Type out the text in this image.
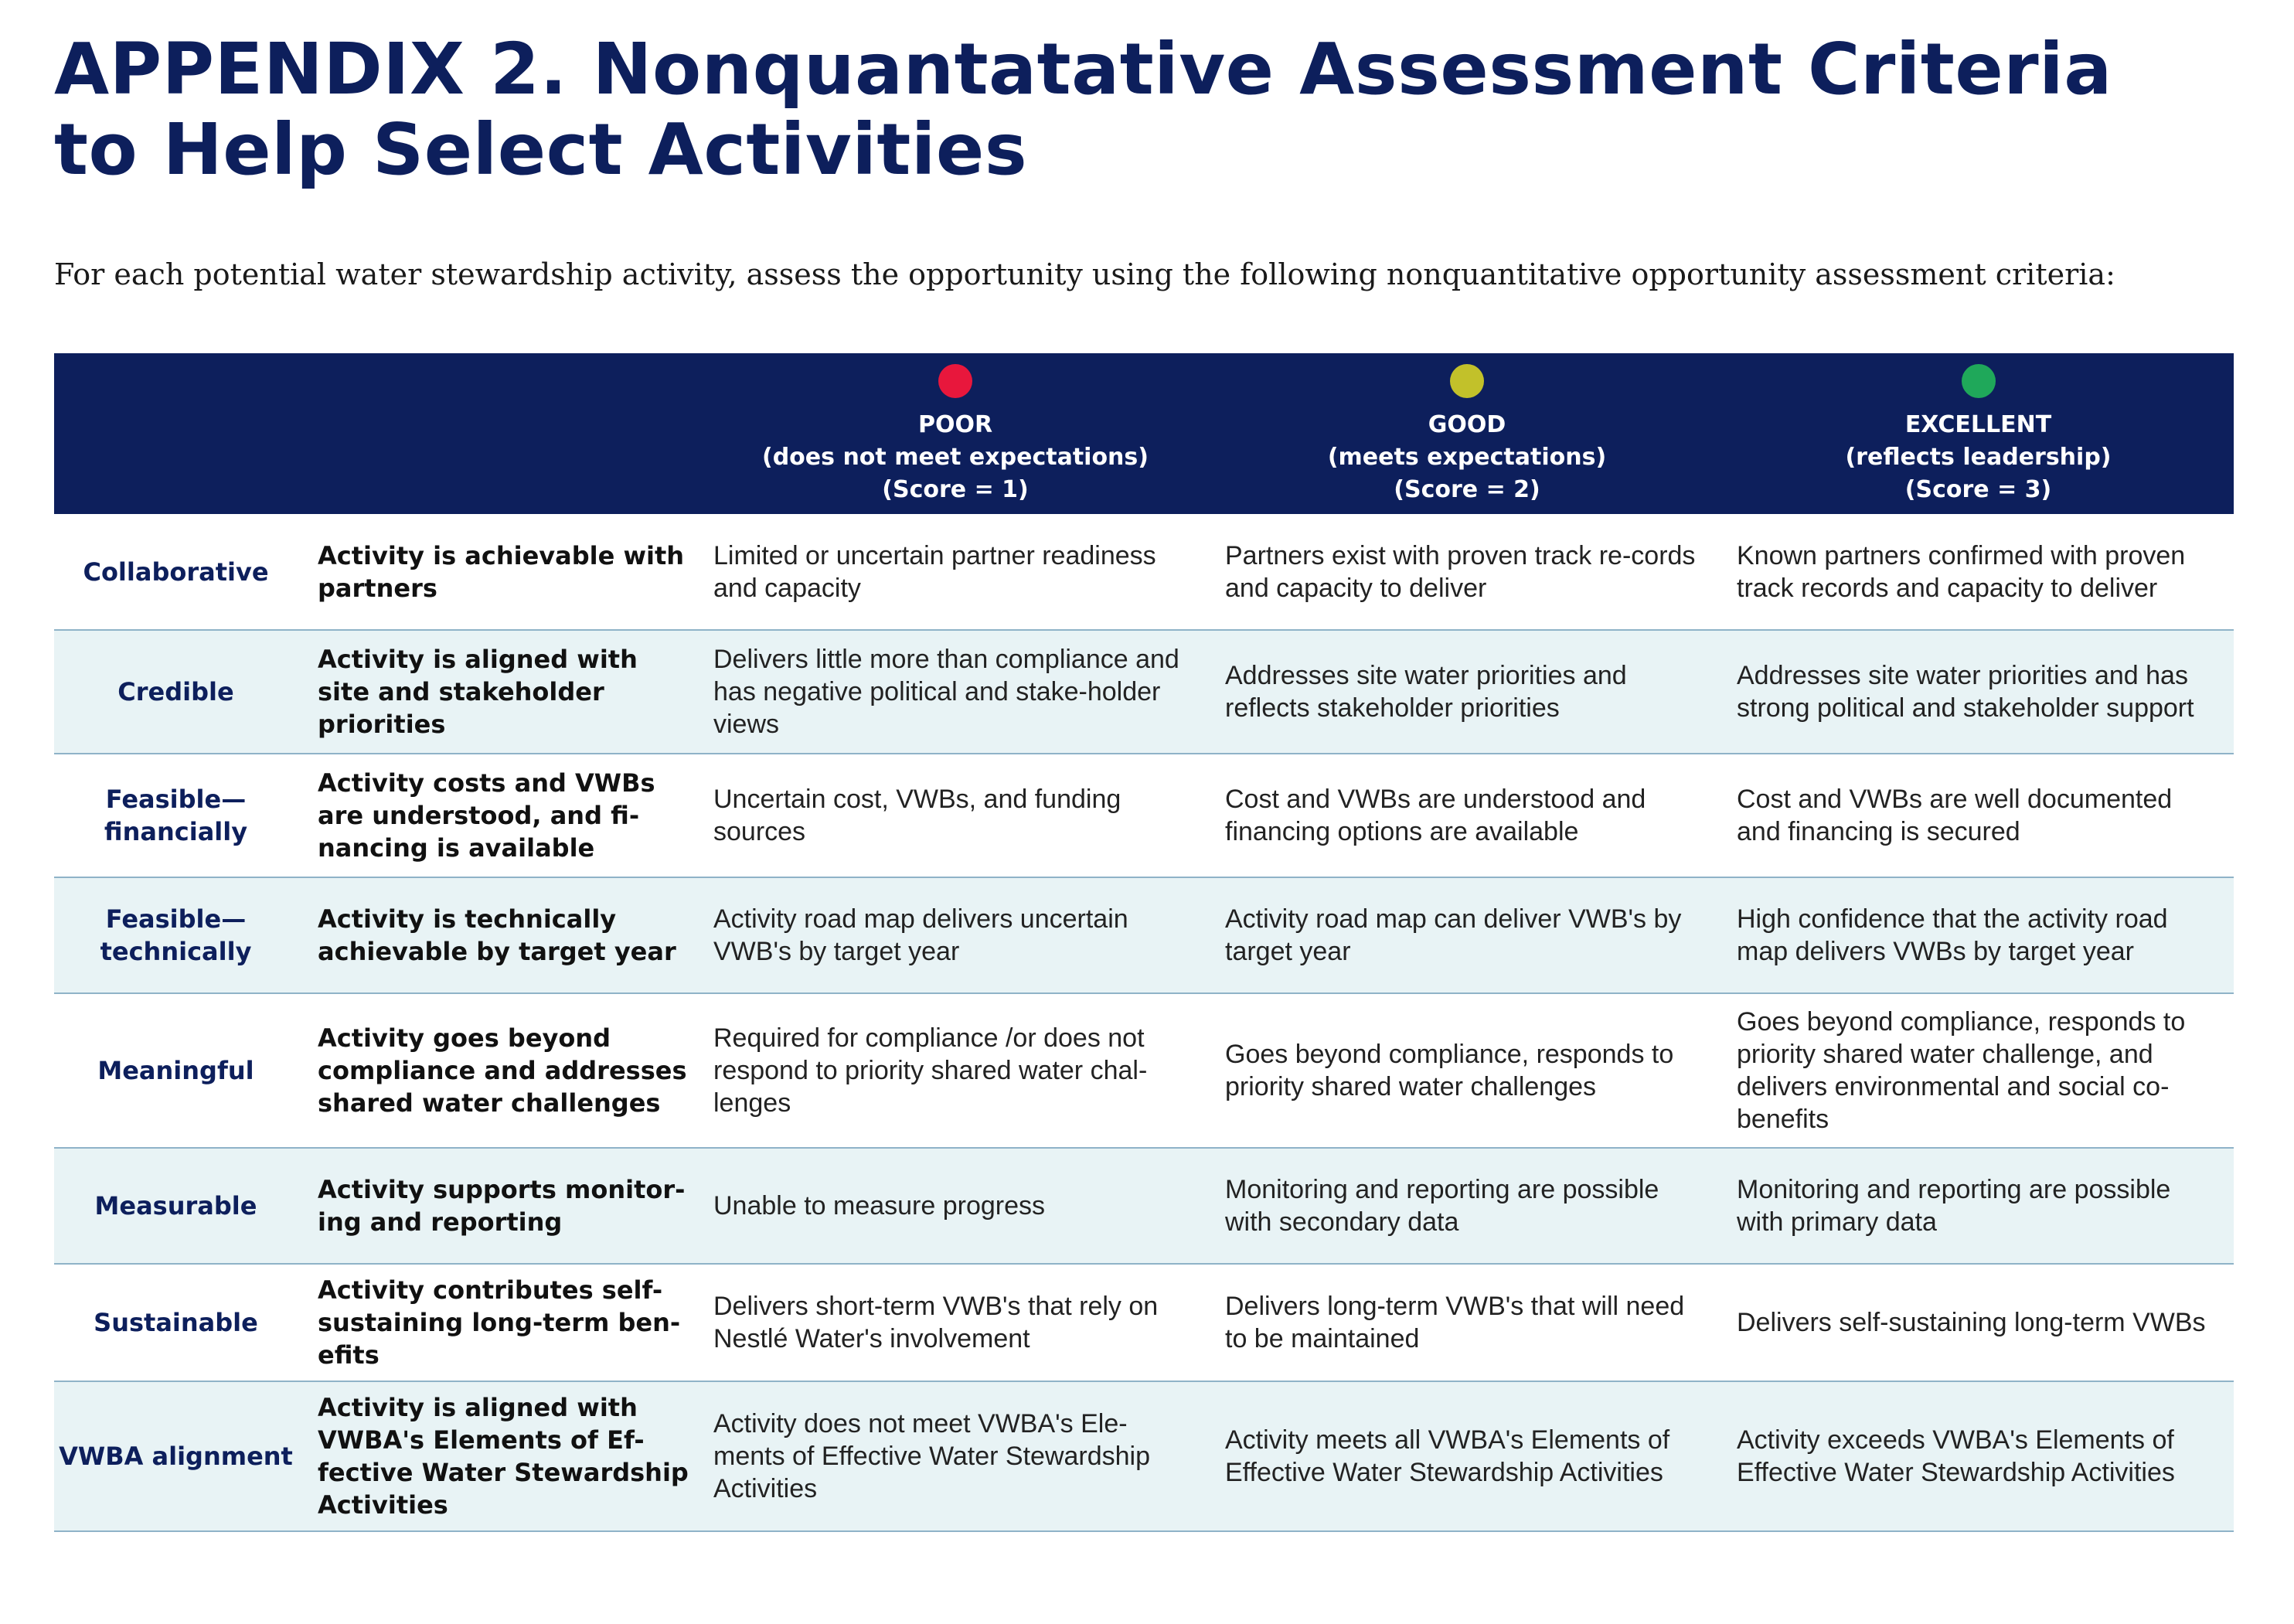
APPENDIX 2. Nonquantatative Assessment Criteria to Help Select Activities

For each potential water stewardship activity, assess the opportunity using the following nonquantitative opportunity assessment criteria:

		POOR
(does not meet expectations)
(Score = 1)	GOOD
(meets expectations)
(Score = 2)	EXCELLENT
(reflects leadership)
(Score = 3)

Collaborative	Activity is achievable with partners	Limited or uncertain partner readiness and capacity	Partners exist with proven track re-cords and capacity to deliver	Known partners confirmed with proven track records and capacity to deliver
Credible	Activity is aligned with site and stakeholder priorities	Delivers little more than compliance and has negative political and stake-holder views	Addresses site water priorities and reflects stakeholder priorities	Addresses site water priorities and has strong political and stakeholder support
Feasible—financially	Activity costs and VWBs are understood, and fi-nancing is available	Uncertain cost, VWBs, and funding sources	Cost and VWBs are understood and financing options are available	Cost and VWBs are well documented and financing is secured
Feasible—technically	Activity is technically achievable by target year	Activity road map delivers uncertain VWB's by target year	Activity road map can deliver VWB's by target year	High confidence that the activity road map delivers VWBs by target year
Meaningful	Activity goes beyond compliance and addresses shared water challenges	Required for compliance /or does not respond to priority shared water chal-lenges	Goes beyond compliance, responds to priority shared water challenges	Goes beyond compliance, responds to priority shared water challenge, and delivers environmental and social co-benefits
Measurable	Activity supports monitor-ing and reporting	Unable to measure progress	Monitoring and reporting are possible with secondary data	Monitoring and reporting are possible with primary data
Sustainable	Activity contributes self-sustaining long-term ben-efits	Delivers short-term VWB's that rely on Nestlé Water's involvement	Delivers long-term VWB's that will need to be maintained	Delivers self-sustaining long-term VWBs
VWBA alignment	Activity is aligned with VWBA's Elements of Ef-fective Water Stewardship Activities	Activity does not meet VWBA's Ele-ments of Effective Water Stewardship Activities	Activity meets all VWBA's Elements of Effective Water Stewardship Activities	Activity exceeds VWBA's Elements of Effective Water Stewardship Activities
